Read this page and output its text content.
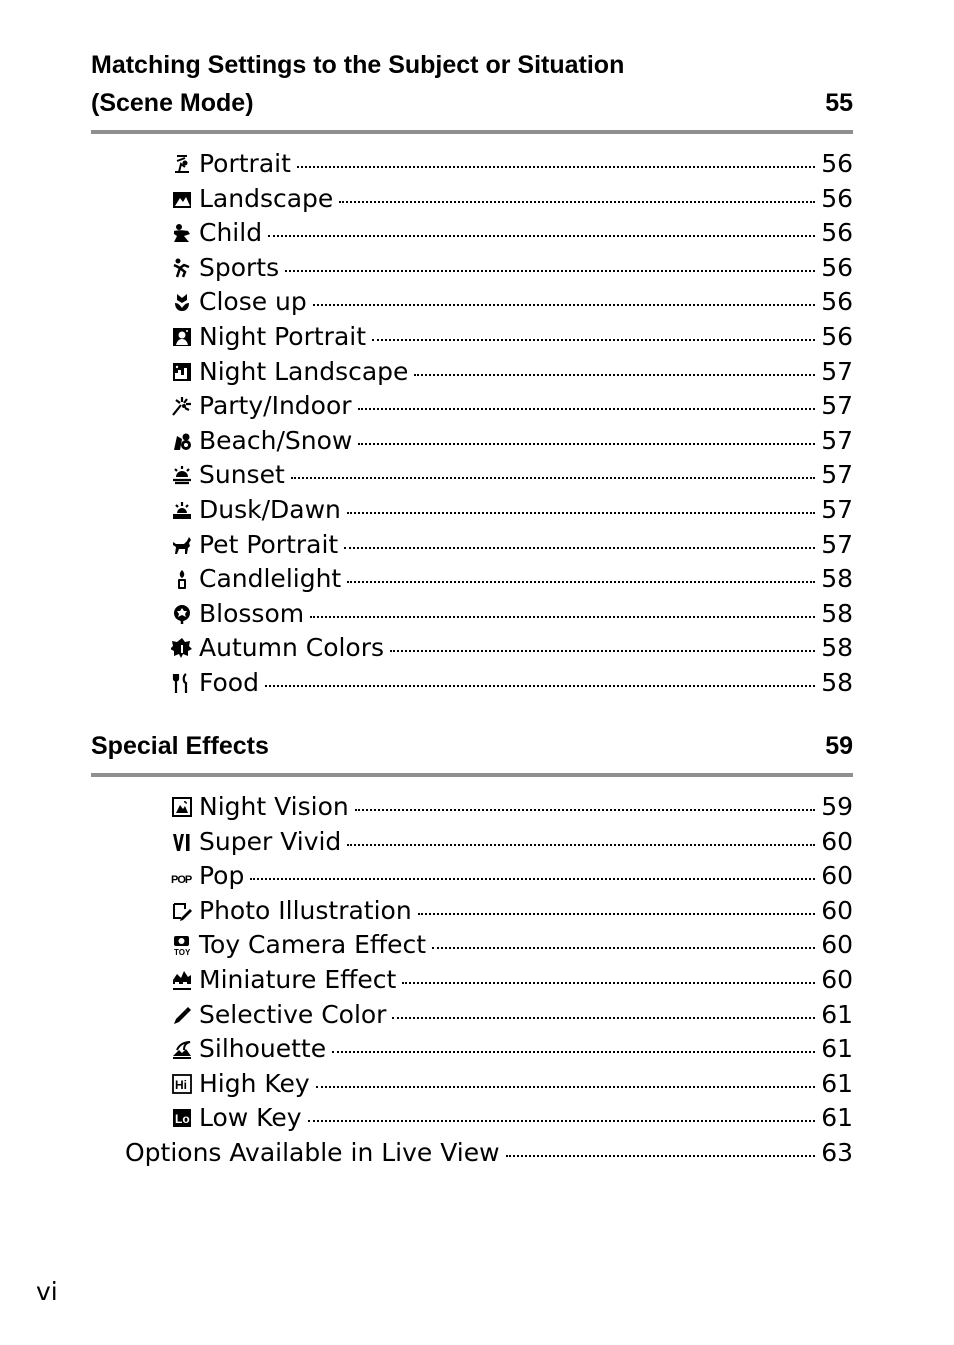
Matching Settings to the Subject or Situation
(Scene Mode)	55
Portrait	56
Landscape	56
Child	56
Sports	56
Close up	56
Night Portrait	56
Night Landscape	57
Party/Indoor	57
Beach/Snow	57
Sunset	57
Dusk/Dawn	57
Pet Portrait	57
Candlelight	58
Blossom	58
Autumn Colors	58
Food	58
Special Effects	59
Night Vision	59
Super Vivid	60
POP Pop	60
Photo Illustration	60
TOY Toy Camera Effect	60
Miniature Effect	60
Selective Color	61
Silhouette	61
Hi High Key	61
Lo Low Key	61
Options Available in Live View	63
vi
